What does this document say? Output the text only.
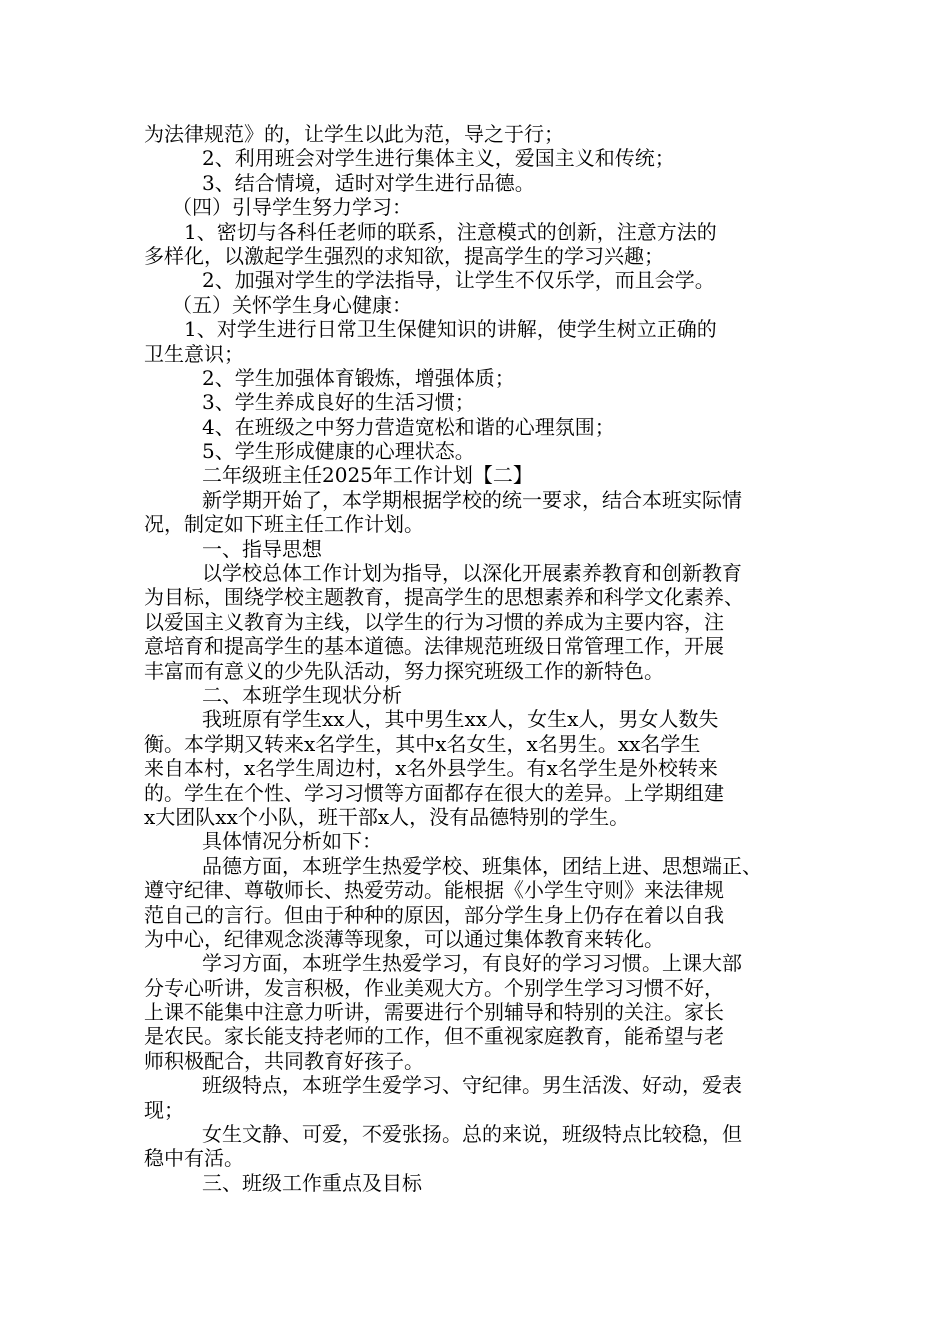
为法律规范》的，让学生以此为范，导之于行；
2、利用班会对学生进行集体主义，爱国主义和传统；
3、结合情境，适时对学生进行品德。
（四）引导学生努力学习：
1、密切与各科任老师的联系，注意模式的创新，注意方法的
多样化，以激起学生强烈的求知欲，提高学生的学习兴趣；
2、加强对学生的学法指导，让学生不仅乐学，而且会学。
（五）关怀学生身心健康：
1、对学生进行日常卫生保健知识的讲解，使学生树立正确的
卫生意识；
2、学生加强体育锻炼，增强体质；
3、学生养成良好的生活习惯；
4、在班级之中努力营造宽松和谐的心理氛围；
5、学生形成健康的心理状态。
二年级班主任2025年工作计划【二】
新学期开始了，本学期根据学校的统一要求，结合本班实际情
况，制定如下班主任工作计划。
一、指导思想
以学校总体工作计划为指导，以深化开展素养教育和创新教育
为目标，围绕学校主题教育，提高学生的思想素养和科学文化素养、
以爱国主义教育为主线，以学生的行为习惯的养成为主要内容，注
意培育和提高学生的基本道德。法律规范班级日常管理工作，开展
丰富而有意义的少先队活动，努力探究班级工作的新特色。
二、本班学生现状分析
我班原有学生xx人，其中男生xx人，女生x人，男女人数失
衡。本学期又转来x名学生，其中x名女生，x名男生。xx名学生
来自本村，x名学生周边村，x名外县学生。有x名学生是外校转来
的。学生在个性、学习习惯等方面都存在很大的差异。上学期组建
x大团队xx个小队，班干部x人，没有品德特别的学生。
具体情况分析如下：
品德方面，本班学生热爱学校、班集体，团结上进、思想端正、
遵守纪律、尊敬师长、热爱劳动。能根据《小学生守则》来法律规
范自己的言行。但由于种种的原因，部分学生身上仍存在着以自我
为中心，纪律观念淡薄等现象，可以通过集体教育来转化。
学习方面，本班学生热爱学习，有良好的学习习惯。上课大部
分专心听讲，发言积极，作业美观大方。个别学生学习习惯不好，
上课不能集中注意力听讲，需要进行个别辅导和特别的关注。家长
是农民。家长能支持老师的工作，但不重视家庭教育，能希望与老
师积极配合，共同教育好孩子。
班级特点，本班学生爱学习、守纪律。男生活泼、好动，爱表
现；
女生文静、可爱，不爱张扬。总的来说，班级特点比较稳，但
稳中有活。
三、班级工作重点及目标
